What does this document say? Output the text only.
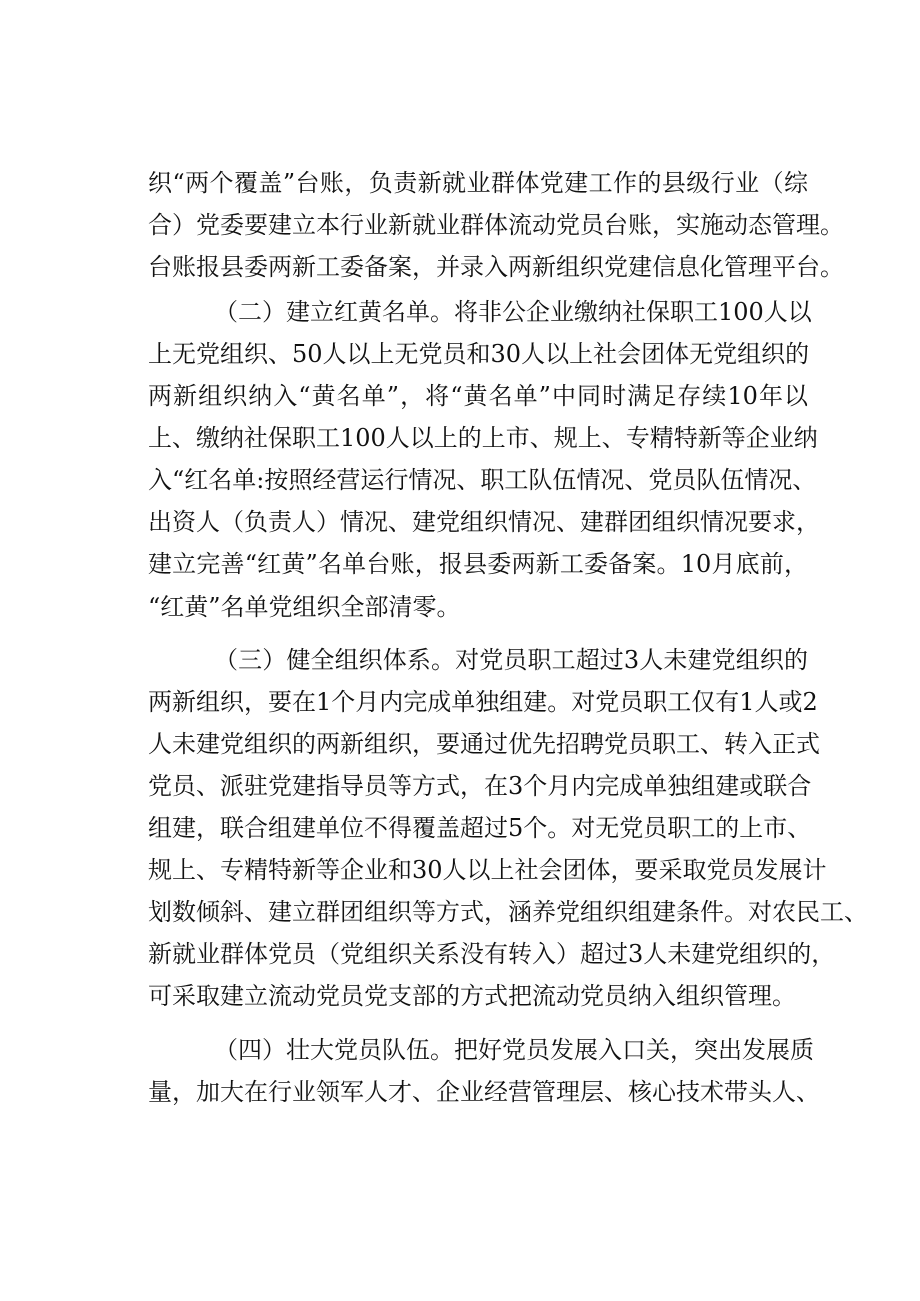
织“两个覆盖”台账，负责新就业群体党建工作的县级行业（综
合）党委要建立本行业新就业群体流动党员台账，实施动态管理。
台账报县委两新工委备案，并录入两新组织党建信息化管理平台。
（二）建立红黄名单。将非公企业缴纳社保职工100人以
上无党组织、50人以上无党员和30人以上社会团体无党组织的
两新组织纳入“黄名单”，将“黄名单”中同时满足存续10年以
上、缴纳社保职工100人以上的上市、规上、专精特新等企业纳
入“红名单:按照经营运行情况、职工队伍情况、党员队伍情况、
出资人（负责人）情况、建党组织情况、建群团组织情况要求，
建立完善“红黄”名单台账，报县委两新工委备案。10月底前，
“红黄”名单党组织全部清零。
（三）健全组织体系。对党员职工超过3人未建党组织的
两新组织，要在1个月内完成单独组建。对党员职工仅有1人或2
人未建党组织的两新组织，要通过优先招聘党员职工、转入正式
党员、派驻党建指导员等方式，在3个月内完成单独组建或联合
组建，联合组建单位不得覆盖超过5个。对无党员职工的上市、
规上、专精特新等企业和30人以上社会团体，要采取党员发展计
划数倾斜、建立群团组织等方式，涵养党组织组建条件。对农民工、
新就业群体党员（党组织关系没有转入）超过3人未建党组织的，
可采取建立流动党员党支部的方式把流动党员纳入组织管理。
（四）壮大党员队伍。把好党员发展入口关，突出发展质
量，加大在行业领军人才、企业经营管理层、核心技术带头人、
